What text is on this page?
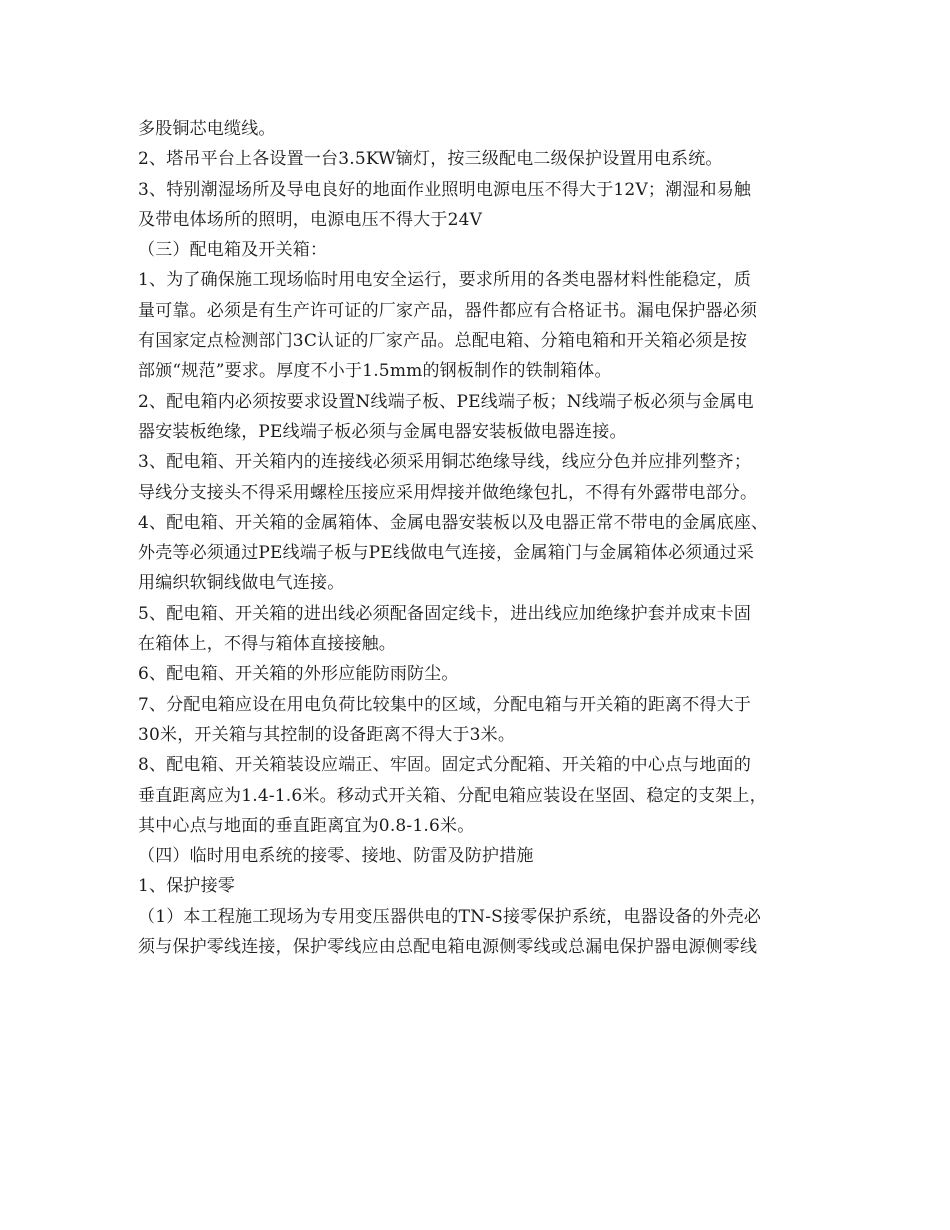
多股铜芯电缆线。
2、塔吊平台上各设置一台3.5KW镝灯，按三级配电二级保护设置用电系统。
3、特别潮湿场所及导电良好的地面作业照明电源电压不得大于12V；潮湿和易触
及带电体场所的照明，电源电压不得大于24V
（三）配电箱及开关箱：
1、为了确保施工现场临时用电安全运行，要求所用的各类电器材料性能稳定，质
量可靠。必须是有生产许可证的厂家产品，器件都应有合格证书。漏电保护器必须
有国家定点检测部门3C认证的厂家产品。总配电箱、分箱电箱和开关箱必须是按
部颁“规范”要求。厚度不小于1.5mm的钢板制作的铁制箱体。
2、配电箱内必须按要求设置N线端子板、PE线端子板；N线端子板必须与金属电
器安装板绝缘，PE线端子板必须与金属电器安装板做电器连接。
3、配电箱、开关箱内的连接线必须采用铜芯绝缘导线，线应分色并应排列整齐；
导线分支接头不得采用螺栓压接应采用焊接并做绝缘包扎，不得有外露带电部分。
4、配电箱、开关箱的金属箱体、金属电器安装板以及电器正常不带电的金属底座、
外壳等必须通过PE线端子板与PE线做电气连接，金属箱门与金属箱体必须通过采
用编织软铜线做电气连接。
5、配电箱、开关箱的进出线必须配备固定线卡，进出线应加绝缘护套并成束卡固
在箱体上，不得与箱体直接接触。
6、配电箱、开关箱的外形应能防雨防尘。
7、分配电箱应设在用电负荷比较集中的区域，分配电箱与开关箱的距离不得大于
30米，开关箱与其控制的设备距离不得大于3米。
8、配电箱、开关箱装设应端正、牢固。固定式分配箱、开关箱的中心点与地面的
垂直距离应为1.4-1.6米。移动式开关箱、分配电箱应装设在坚固、稳定的支架上，
其中心点与地面的垂直距离宜为0.8-1.6米。
（四）临时用电系统的接零、接地、防雷及防护措施
1、保护接零
（1）本工程施工现场为专用变压器供电的TN-S接零保护系统，电器设备的外壳必
须与保护零线连接，保护零线应由总配电箱电源侧零线或总漏电保护器电源侧零线
